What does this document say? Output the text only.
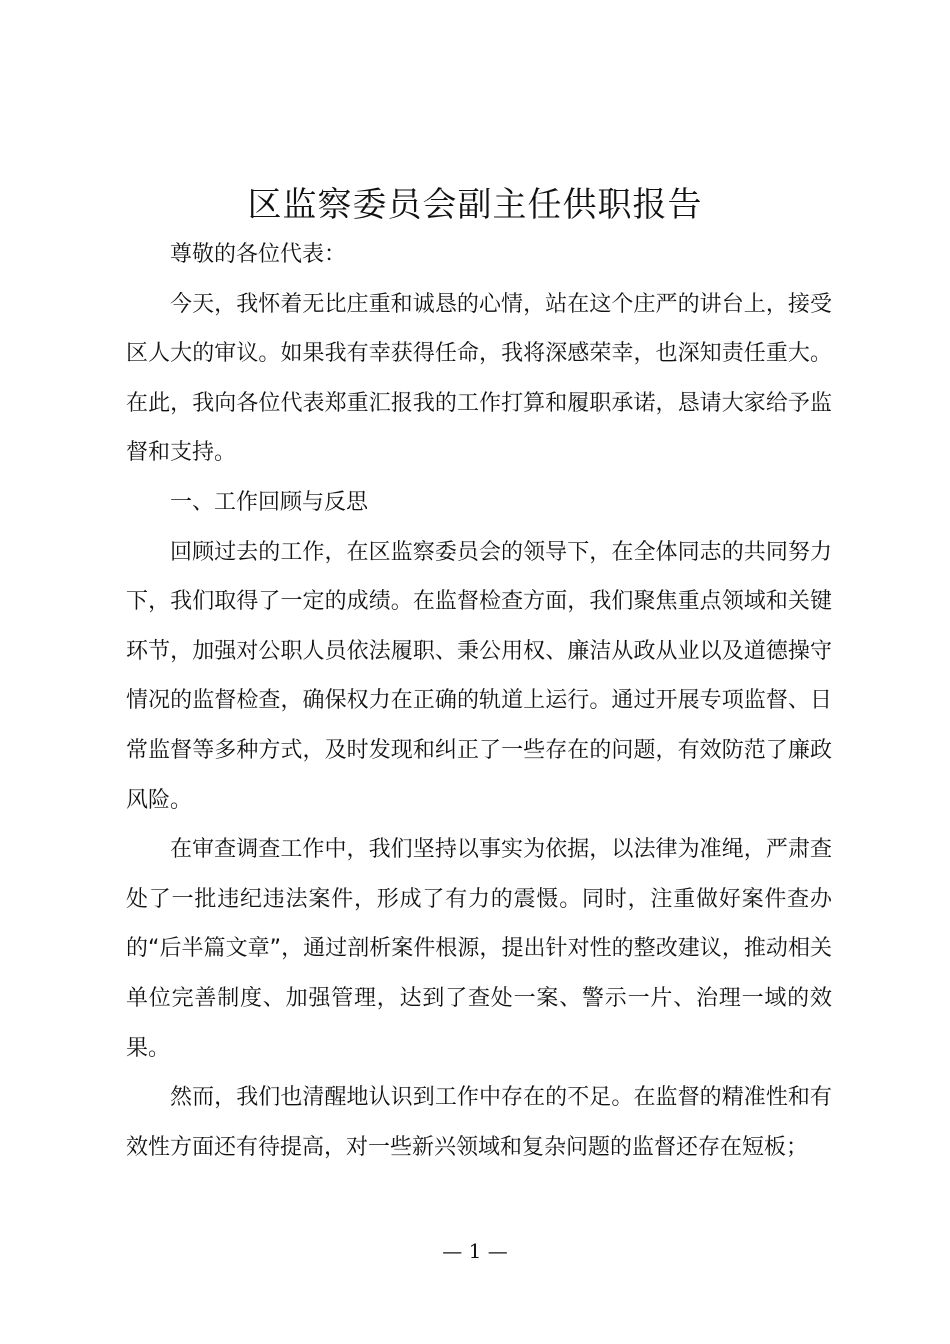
区监察委员会副主任供职报告

尊敬的各位代表：

今天，我怀着无比庄重和诚恳的心情，站在这个庄严的讲台上，接受区人大的审议。如果我有幸获得任命，我将深感荣幸，也深知责任重大。在此，我向各位代表郑重汇报我的工作打算和履职承诺，恳请大家给予监督和支持。

一、工作回顾与反思

回顾过去的工作，在区监察委员会的领导下，在全体同志的共同努力下，我们取得了一定的成绩。在监督检查方面，我们聚焦重点领域和关键环节，加强对公职人员依法履职、秉公用权、廉洁从政从业以及道德操守情况的监督检查，确保权力在正确的轨道上运行。通过开展专项监督、日常监督等多种方式，及时发现和纠正了一些存在的问题，有效防范了廉政风险。

在审查调查工作中，我们坚持以事实为依据，以法律为准绳，严肃查处了一批违纪违法案件，形成了有力的震慑。同时，注重做好案件查办的“后半篇文章”，通过剖析案件根源，提出针对性的整改建议，推动相关单位完善制度、加强管理，达到了查处一案、警示一片、治理一域的效果。

然而，我们也清醒地认识到工作中存在的不足。在监督的精准性和有效性方面还有待提高，对一些新兴领域和复杂问题的监督还存在短板；

— 1 —
